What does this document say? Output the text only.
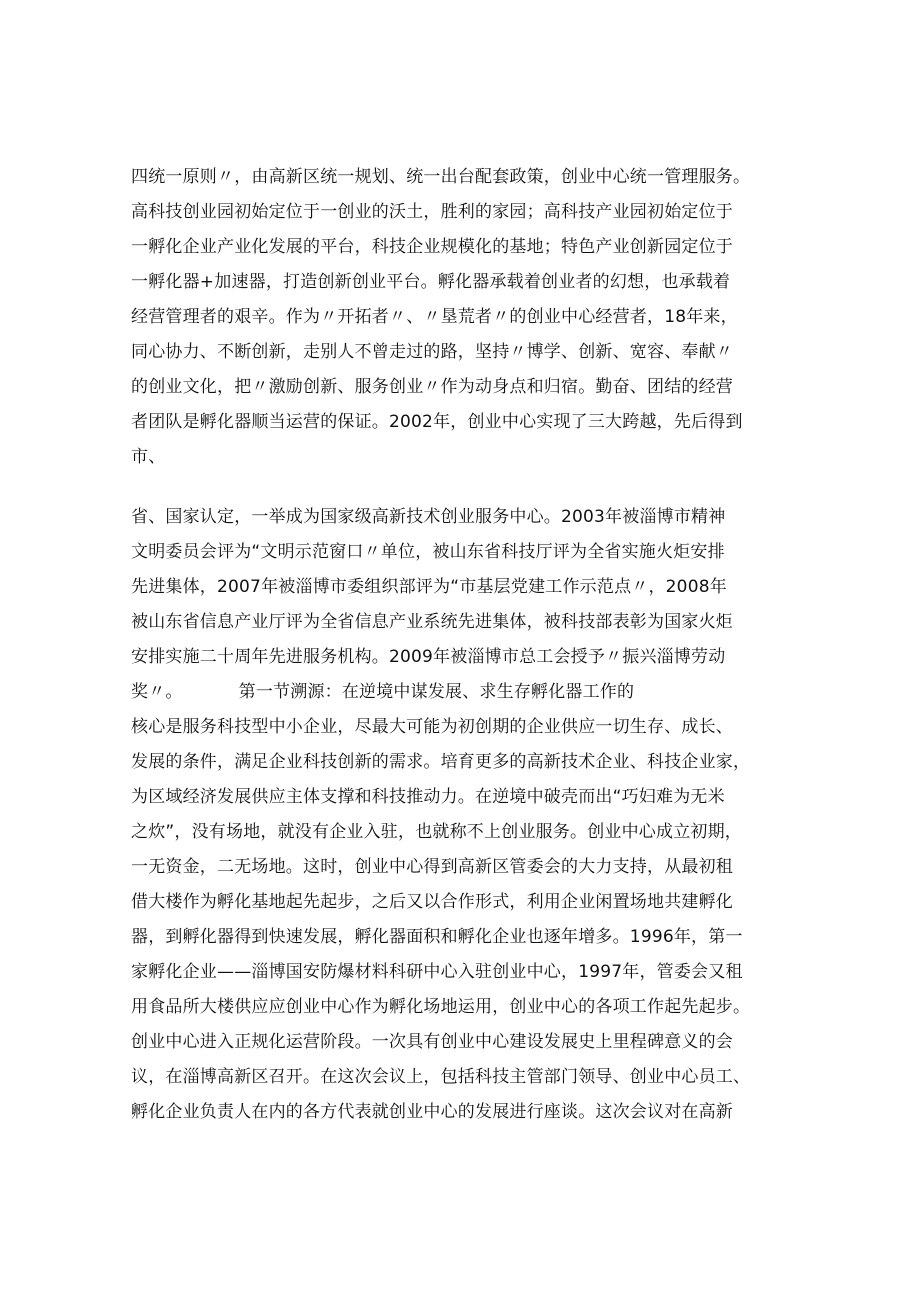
四统一原则〃，由高新区统一规划、统一出台配套政策，创业中心统一管理服务。
高科技创业园初始定位于一创业的沃土，胜利的家园；高科技产业园初始定位于
一孵化企业产业化发展的平台，科技企业规模化的基地；特色产业创新园定位于
一孵化器+加速器，打造创新创业平台。孵化器承载着创业者的幻想，也承载着
经营管理者的艰辛。作为〃开拓者〃、〃垦荒者〃的创业中心经营者，18年来，
同心协力、不断创新，走别人不曾走过的路，坚持〃博学、创新、宽容、奉献〃
的创业文化，把〃激励创新、服务创业〃作为动身点和归宿。勤奋、团结的经营
者团队是孵化器顺当运营的保证。2002年，创业中心实现了三大跨越，先后得到
市、
省、国家认定，一举成为国家级高新技术创业服务中心。2003年被淄博市精神
文明委员会评为“文明示范窗口〃单位，被山东省科技厅评为全省实施火炬安排
先进集体，2007年被淄博市委组织部评为“市基层党建工作示范点〃，2008年
被山东省信息产业厅评为全省信息产业系统先进集体，被科技部表彰为国家火炬
安排实施二十周年先进服务机构。2009年被淄博市总工会授予〃振兴淄博劳动
奖〃。          第一节溯源：在逆境中谋发展、求生存孵化器工作的
核心是服务科技型中小企业，尽最大可能为初创期的企业供应一切生存、成长、
发展的条件，满足企业科技创新的需求。培育更多的高新技术企业、科技企业家，
为区域经济发展供应主体支撑和科技推动力。在逆境中破壳而出“巧妇难为无米
之炊”，没有场地，就没有企业入驻，也就称不上创业服务。创业中心成立初期，
一无资金，二无场地。这时，创业中心得到高新区管委会的大力支持，从最初租
借大楼作为孵化基地起先起步，之后又以合作形式，利用企业闲置场地共建孵化
器，到孵化器得到快速发展，孵化器面积和孵化企业也逐年增多。1996年，第一
家孵化企业——淄博国安防爆材料科研中心入驻创业中心，1997年，管委会又租
用食品所大楼供应应创业中心作为孵化场地运用，创业中心的各项工作起先起步。
创业中心进入正规化运营阶段。一次具有创业中心建设发展史上里程碑意义的会
议，在淄博高新区召开。在这次会议上，包括科技主管部门领导、创业中心员工、
孵化企业负责人在内的各方代表就创业中心的发展进行座谈。这次会议对在高新
